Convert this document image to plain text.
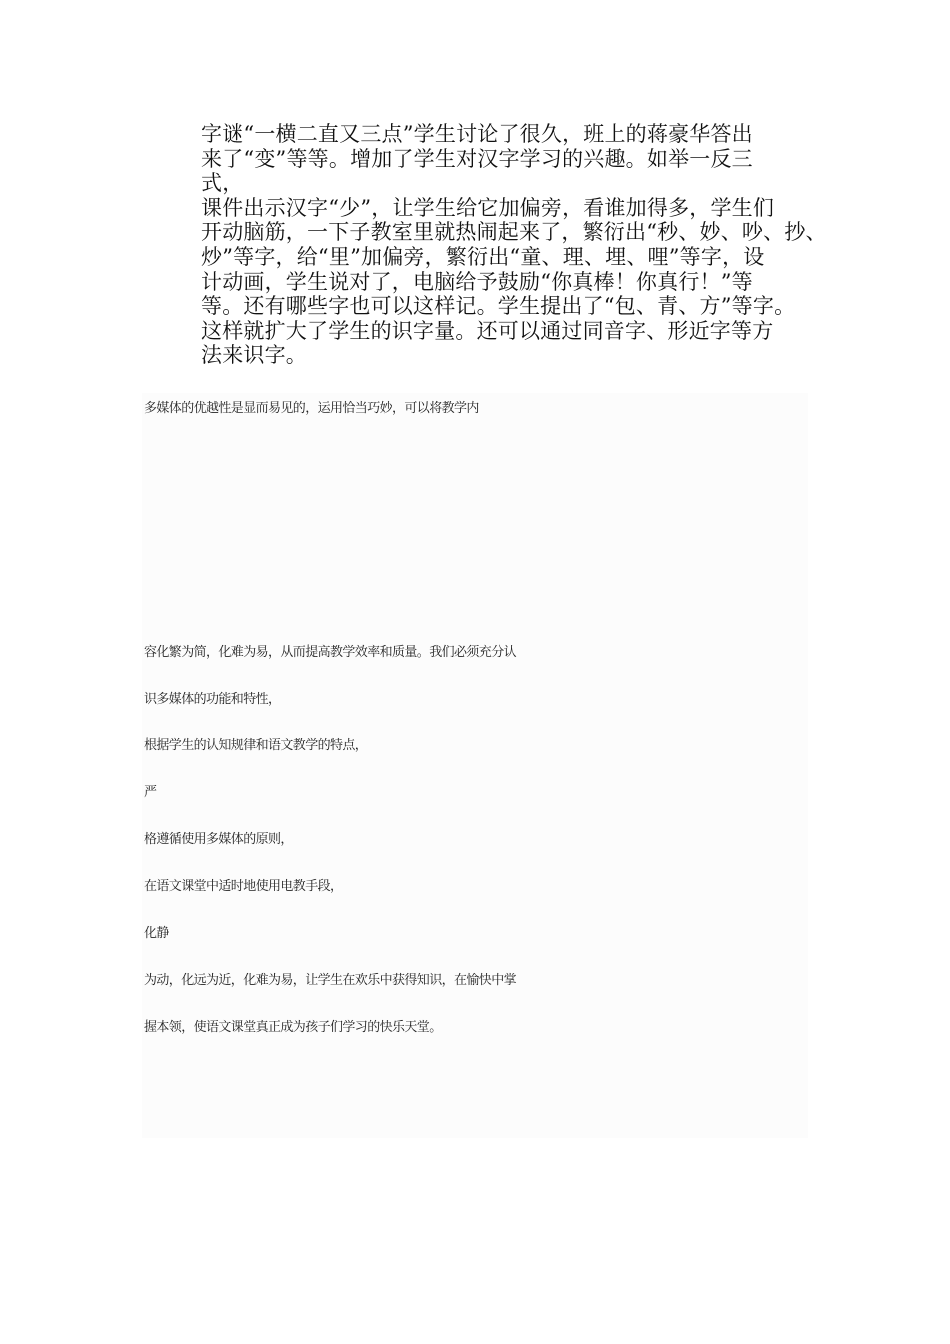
字谜“一横二直又三点”学生讨论了很久，班上的蒋豪华答出
来了“变”等等。增加了学生对汉字学习的兴趣。如举一反三
式，
课件出示汉字“少”，让学生给它加偏旁，看谁加得多，学生们
开动脑筋，一下子教室里就热闹起来了，繁衍出“秒、妙、吵、抄、
炒”等字，给“里”加偏旁，繁衍出“童、理、埋、哩”等字，设
计动画，学生说对了，电脑给予鼓励“你真棒！你真行！”等
等。还有哪些字也可以这样记。学生提出了“包、青、方”等字。
这样就扩大了学生的识字量。还可以通过同音字、形近字等方
法来识字。
多媒体的优越性是显而易见的，运用恰当巧妙，可以将教学内
容化繁为简，化难为易，从而提高教学效率和质量。我们必须充分认
识多媒体的功能和特性，
根据学生的认知规律和语文教学的特点，
严
格遵循使用多媒体的原则，
在语文课堂中适时地使用电教手段，
化静
为动，化远为近，化难为易，让学生在欢乐中获得知识，在愉快中掌
握本领，使语文课堂真正成为孩子们学习的快乐天堂。
